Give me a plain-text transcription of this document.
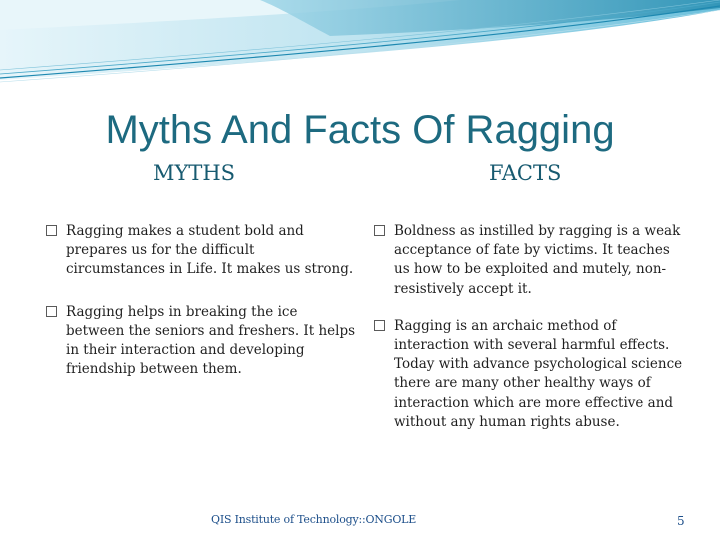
Myths And Facts Of Ragging
MYTHS	FACTS
Ragging makes a student bold and prepares us for the difficult circumstances in Life. It makes us strong.
Ragging helps in breaking the ice between the seniors and freshers. It helps in their interaction and developing friendship between them.
Boldness as instilled by ragging is a weak acceptance of fate by victims. It teaches us how to be exploited and mutely, non-resistively accept it.
Ragging is an archaic method of interaction with several harmful effects. Today with advance psychological science there are many other healthy ways of interaction which are more effective and without any human rights abuse.
QIS Institute of Technology::ONGOLE	5
